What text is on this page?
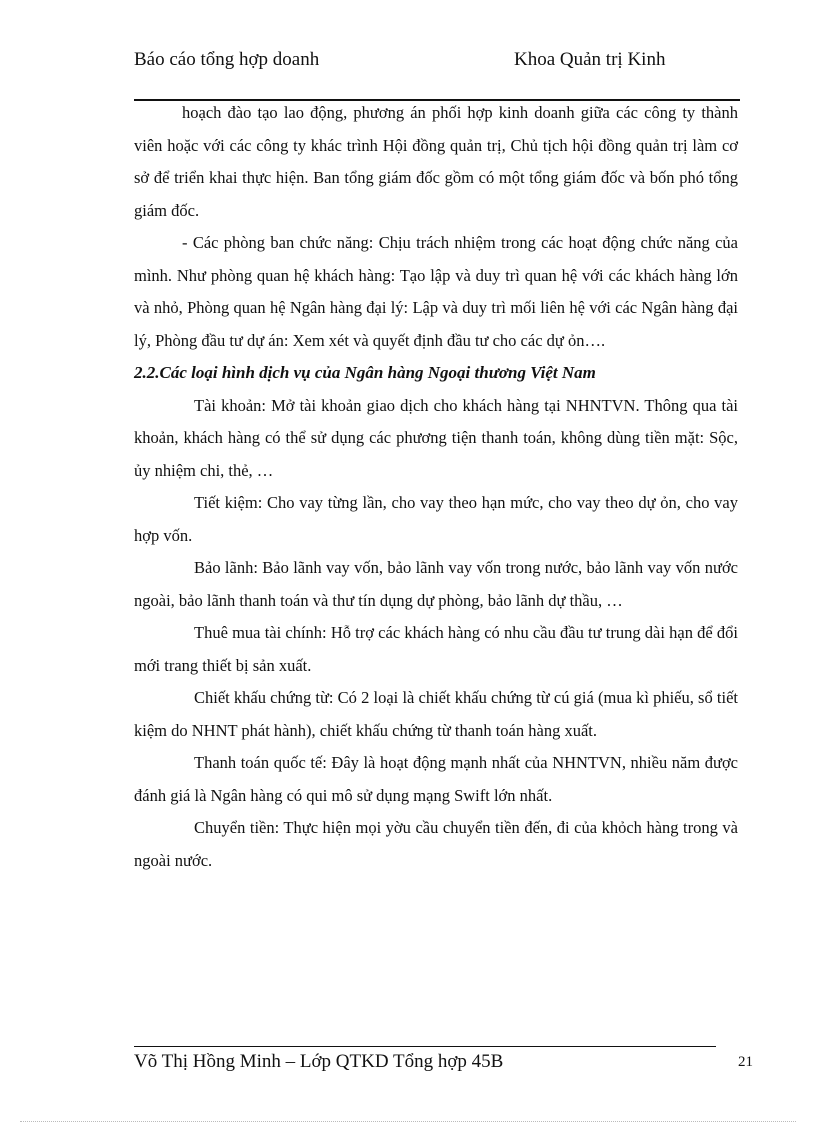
Báo cáo tổng hợp doanh	Khoa Quản trị Kinh

hoạch đào tạo lao động, phương án phối hợp kinh doanh giữa các công ty thành viên hoặc với các công ty khác trình Hội đồng quản trị, Chủ tịch hội đồng quản trị làm cơ sở để triển khai thực hiện. Ban tổng giám đốc gồm có một tổng giám đốc và bốn phó tổng giám đốc.

- Các phòng ban chức năng: Chịu trách nhiệm trong các hoạt động chức năng của mình. Như phòng quan hệ khách hàng: Tạo lập và duy trì quan hệ với các khách hàng lớn và nhỏ, Phòng quan hệ Ngân hàng đại lý: Lập và duy trì mối liên hệ với các Ngân hàng đại lý, Phòng đầu tư dự án: Xem xét và quyết định đầu tư cho các dự ỏn….

2.2.Các loại hình dịch vụ của Ngân hàng Ngoại thương Việt Nam

Tài khoản: Mở tài khoản giao dịch cho khách hàng tại NHNTVN. Thông qua tài khoản, khách hàng có thể sử dụng các phương tiện thanh toán, không dùng tiền mặt: Sộc, ủy nhiệm chi, thẻ, …

Tiết kiệm: Cho vay từng lần, cho vay theo hạn mức, cho vay theo dự ỏn, cho vay hợp vốn.

Bảo lãnh: Bảo lãnh vay vốn, bảo lãnh vay vốn trong nước, bảo lãnh vay vốn nước ngoài, bảo lãnh thanh toán và thư tín dụng dự phòng, bảo lãnh dự thầu, …

Thuê mua tài chính: Hỗ trợ các khách hàng có nhu cầu đầu tư trung dài hạn để đổi mới trang thiết bị sản xuất.

Chiết khấu chứng từ: Có 2 loại là chiết khấu chứng từ cú giá (mua kì phiếu, sổ tiết kiệm do NHNT phát hành), chiết khấu chứng từ thanh toán hàng xuất.

Thanh toán quốc tế: Đây là hoạt động mạnh nhất của NHNTVN, nhiều năm được đánh giá là Ngân hàng có qui mô sử dụng mạng Swift lớn nhất.

Chuyển tiền: Thực hiện mọi yờu cầu chuyển tiền đến, đi của khỏch hàng trong và ngoài nước.

Võ Thị Hồng Minh – Lớp QTKD Tổng hợp 45B	21
